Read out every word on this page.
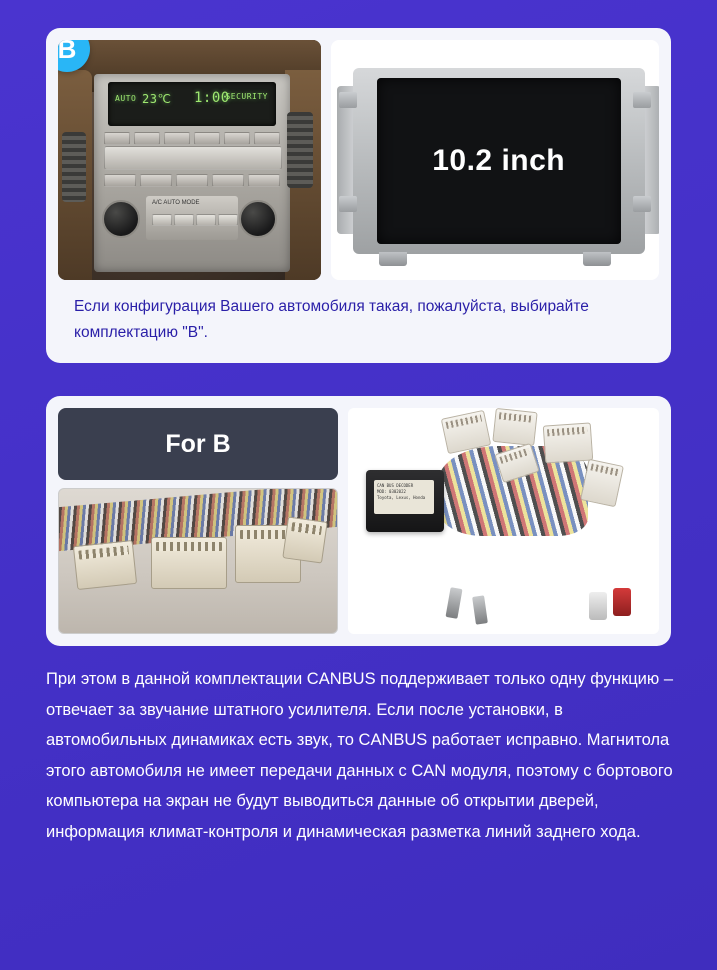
B
AUTO 23℃ 1:00
SECURITY
A/C AUTO MODE
10.2 inch
Если конфигурация Вашего автомобиля такая, пожалуйста, выбирайте комплектацию "B".
For B
CAN BUS DECODER
MOD: 0302022
Toyota, Lexus, Honda
При этом в данной комплектации CANBUS поддерживает только одну функцию – отвечает за звучание штатного усилителя. Если после установки, в автомобильных динамиках есть звук, то CANBUS работает исправно. Магнитола этого автомобиля не имеет передачи данных с CAN модуля, поэтому с бортового компьютера на экран не будут выводиться данные об открытии дверей, информация климат-контроля и динамическая разметка линий заднего хода.
